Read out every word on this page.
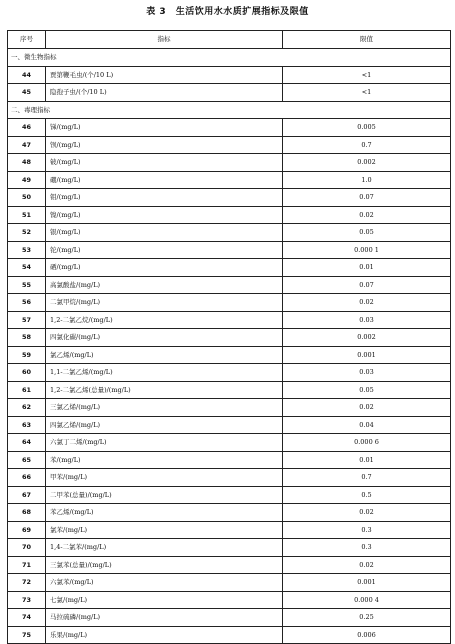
表 3　生活饮用水水质扩展指标及限值
序号	指标	限值
一、微生物指标		
44	贾第鞭毛虫/(个/10 L)	<1
45	隐孢子虫/(个/10 L)	<1
二、毒理指标		
46	锑/(mg/L)	0.005
47	钡/(mg/L)	0.7
48	铍/(mg/L)	0.002
49	硼/(mg/L)	1.0
50	钼/(mg/L)	0.07
51	镍/(mg/L)	0.02
52	银/(mg/L)	0.05
53	铊/(mg/L)	0.000 1
54	硒/(mg/L)	0.01
55	高氯酸盐/(mg/L)	0.07
56	二氯甲烷/(mg/L)	0.02
57	1,2-二氯乙烷/(mg/L)	0.03
58	四氯化碳/(mg/L)	0.002
59	氯乙烯/(mg/L)	0.001
60	1,1-二氯乙烯/(mg/L)	0.03
61	1,2-二氯乙烯(总量)/(mg/L)	0.05
62	三氯乙烯/(mg/L)	0.02
63	四氯乙烯/(mg/L)	0.04
64	六氯丁二烯/(mg/L)	0.000 6
65	苯/(mg/L)	0.01
66	甲苯/(mg/L)	0.7
67	二甲苯(总量)/(mg/L)	0.5
68	苯乙烯/(mg/L)	0.02
69	氯苯/(mg/L)	0.3
70	1,4-二氯苯/(mg/L)	0.3
71	三氯苯(总量)/(mg/L)	0.02
72	六氯苯/(mg/L)	0.001
73	七氯/(mg/L)	0.000 4
74	马拉硫磷/(mg/L)	0.25
75	乐果/(mg/L)	0.006
